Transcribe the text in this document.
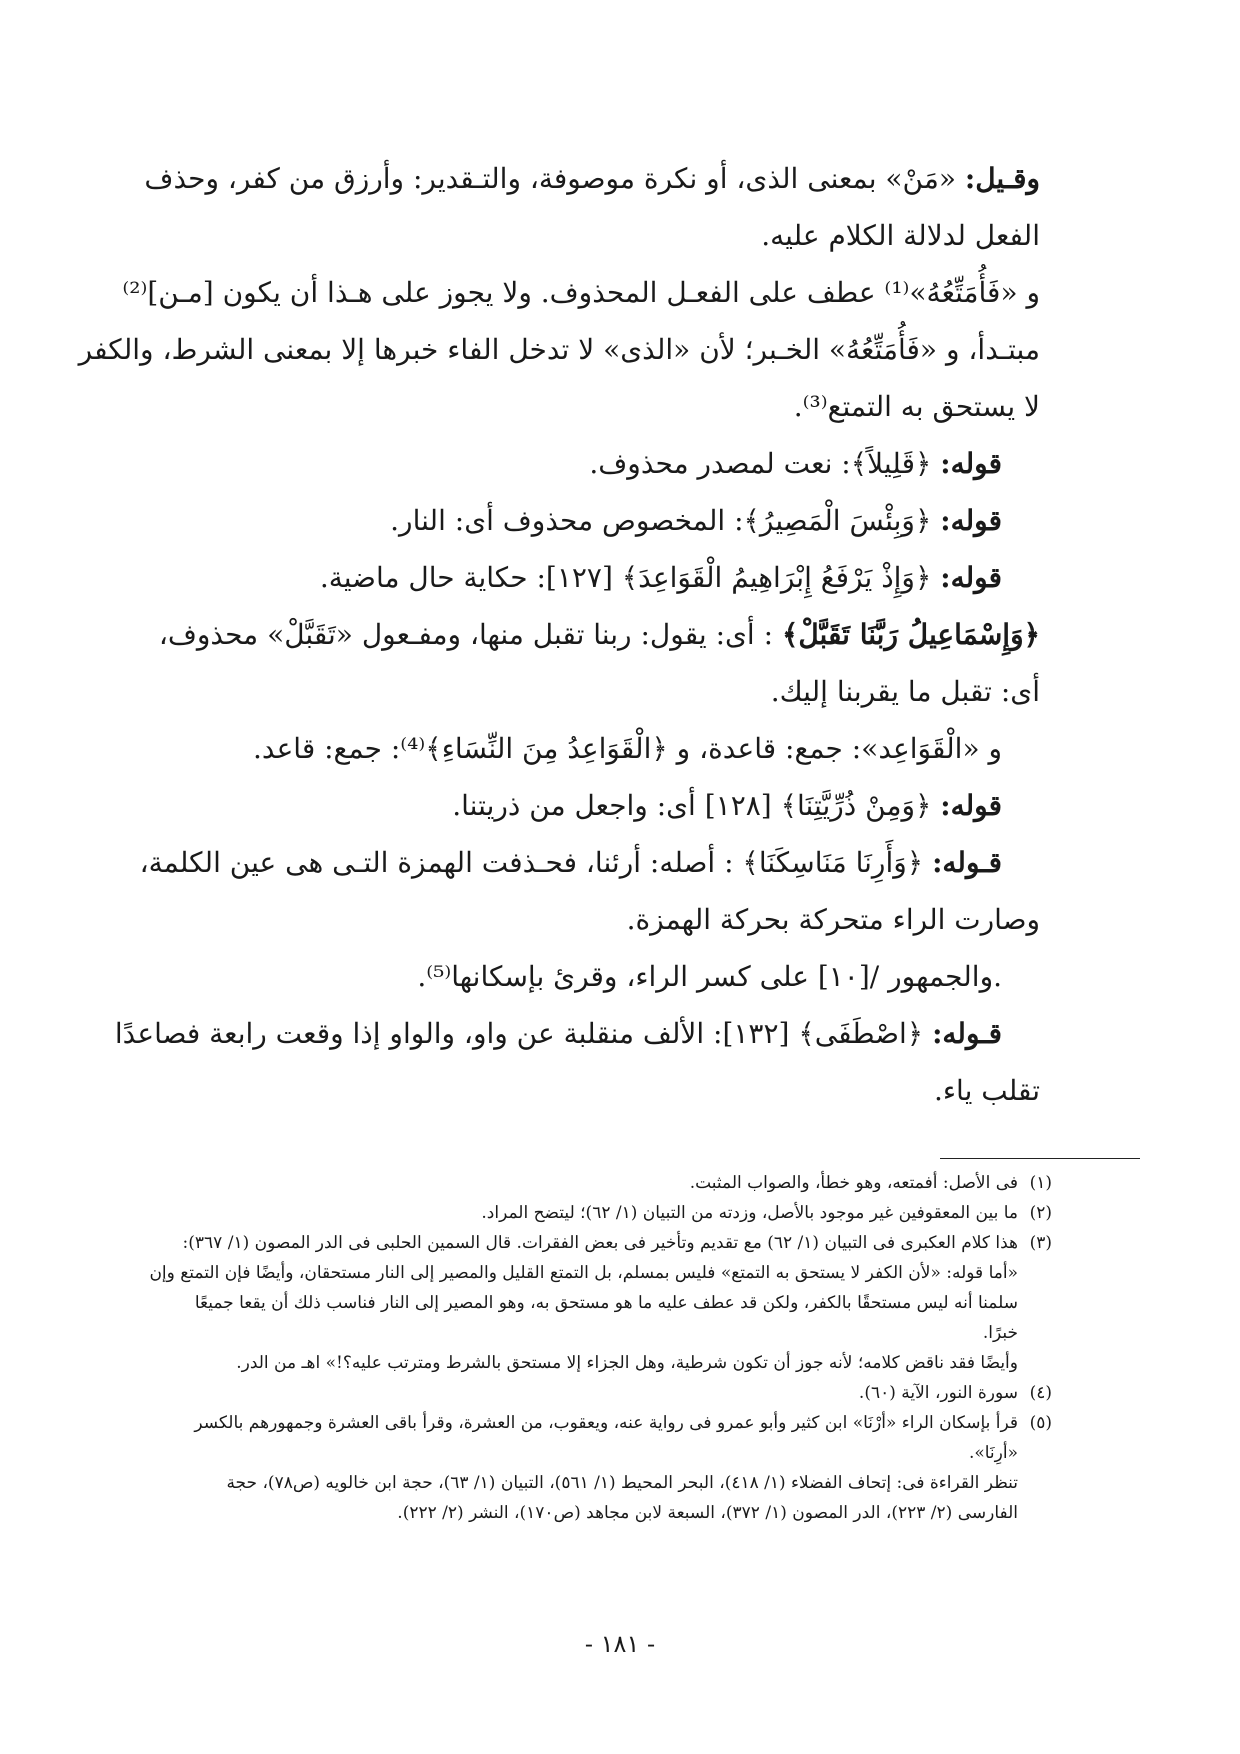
وقـيل: «مَنْ» بمعنى الذى، أو نكرة موصوفة، والتـقدير: وأرزق من كفر، وحذف

الفعل لدلالة الكلام عليه.

و «فَأُمَتِّعُهُ»⁽¹⁾ عطف على الفعـل المحذوف. ولا يجوز على هـذا أن يكون [مـن]⁽²⁾

مبتـدأ، و «فَأُمَتِّعُهُ» الخـبر؛ لأن «الذى» لا تدخل الفاء خبرها إلا بمعنى الشرط، والكفر

لا يستحق به التمتع⁽³⁾.

قوله: ﴿قَلِيلاً﴾: نعت لمصدر محذوف.

قوله: ﴿وَبِئْسَ الْمَصِيرُ﴾: المخصوص محذوف أى: النار.

قوله: ﴿وَإِذْ يَرْفَعُ إِبْرَاهِيمُ الْقَوَاعِدَ﴾ [١٢٧]: حكاية حال ماضية.

﴿وَإِسْمَاعِيلُ رَبَّنَا تَقَبَّلْ﴾ : أى: يقول: ربنا تقبل منها، ومفـعول «تَقَبَّلْ» محذوف،

أى: تقبل ما يقربنا إليك.

و «الْقَوَاعِد»: جمع: قاعدة، و ﴿الْقَوَاعِدُ مِنَ النِّسَاءِ﴾⁽⁴⁾: جمع: قاعد.

قوله: ﴿وَمِنْ ذُرِّيَّتِنَا﴾ [١٢٨] أى: واجعل من ذريتنا.

قـوله: ﴿وَأَرِنَا مَنَاسِكَنَا﴾ : أصله: أرئنا، فحـذفت الهمزة التـى هى عين الكلمة،

وصارت الراء متحركة بحركة الهمزة.

.والجمهور /[١٠] على كسر الراء، وقرئ بإسكانها⁽⁵⁾.

قـوله: ﴿اصْطَفَى﴾ [١٣٢]: الألف منقلبة عن واو، والواو إذا وقعت رابعة فصاعدًا

تقلب ياء.

(١)فى الأصل: أفمتعه، وهو خطأ، والصواب المثبت.

(٢)ما بين المعقوفين غير موجود بالأصل، وزدته من التبيان (١/ ٦٢)؛ ليتضح المراد.

(٣)هذا كلام العكبرى فى التبيان (١/ ٦٢) مع تقديم وتأخير فى بعض الفقرات. قال السمين الحلبى فى الدر المصون (١/ ٣٦٧):

«أما قوله: «لأن الكفر لا يستحق به التمتع» فليس بمسلم، بل التمتع القليل والمصير إلى النار مستحقان، وأيضًا فإن التمتع وإن

سلمنا أنه ليس مستحقًا بالكفر، ولكن قد عطف عليه ما هو مستحق به، وهو المصير إلى النار فناسب ذلك أن يقعا جميعًا

خبرًا.

وأيضًا فقد ناقض كلامه؛ لأنه جوز أن تكون شرطية، وهل الجزاء إلا مستحق بالشرط ومترتب عليه؟!» اهـ من الدر.

(٤)سورة النور، الآية (٦٠).

(٥)قرأ بإسكان الراء «أرْنَا» ابن كثير وأبو عمرو فى رواية عنه، ويعقوب، من العشرة، وقرأ باقى العشرة وجمهورهم بالكسر

«أرِنَا».

تنظر القراءة فى: إتحاف الفضلاء (١/ ٤١٨)، البحر المحيط (١/ ٥٦١)، التبيان (١/ ٦٣)، حجة ابن خالويه (ص٧٨)، حجة

الفارسى (٢/ ٢٢٣)، الدر المصون (١/ ٣٧٢)، السبعة لابن مجاهد (ص١٧٠)، النشر (٢/ ٢٢٢).

- ١٨١ -
